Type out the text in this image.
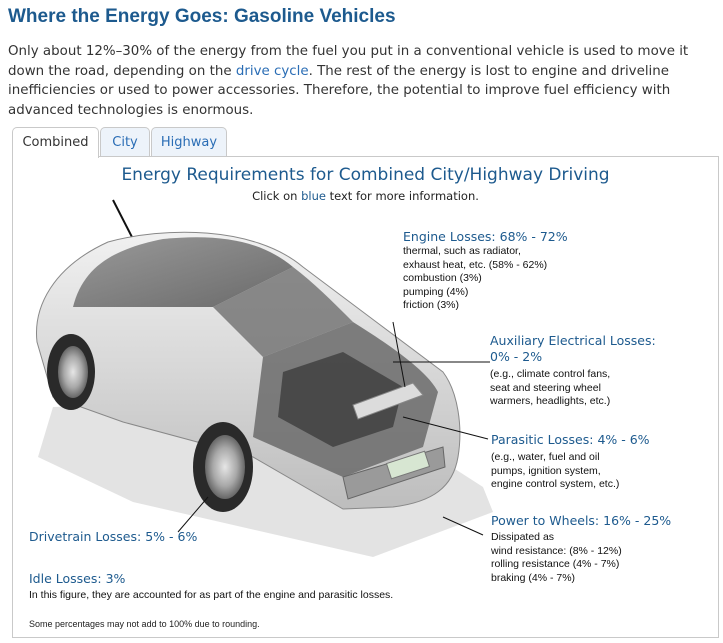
Where the Energy Goes: Gasoline Vehicles

Only about 12%–30% of the energy from the fuel you put in a conventional vehicle is used to move it down the road, depending on the drive cycle. The rest of the energy is lost to engine and driveline inefficiencies or used to power accessories. Therefore, the potential to improve fuel efficiency with advanced technologies is enormous.

Combined	City	Highway
Energy Requirements for Combined City/Highway Driving
Click on blue text for more information.
Engine Losses: 68% - 72%
thermal, such as radiator,
exhaust heat, etc. (58% - 62%)
combustion (3%)
pumping (4%)
friction (3%)
Auxiliary Electrical Losses:
0% - 2%
(e.g., climate control fans,
seat and steering wheel
warmers, headlights, etc.)
Parasitic Losses: 4% - 6%
(e.g., water, fuel and oil
pumps, ignition system,
engine control system, etc.)
Power to Wheels: 16% - 25%
Dissipated as
wind resistance: (8% - 12%)
rolling resistance (4% - 7%)
braking (4% - 7%)
Drivetrain Losses: 5% - 6%
Idle Losses: 3%
In this figure, they are accounted for as part of the engine and parasitic losses.
Some percentages may not add to 100% due to rounding.
